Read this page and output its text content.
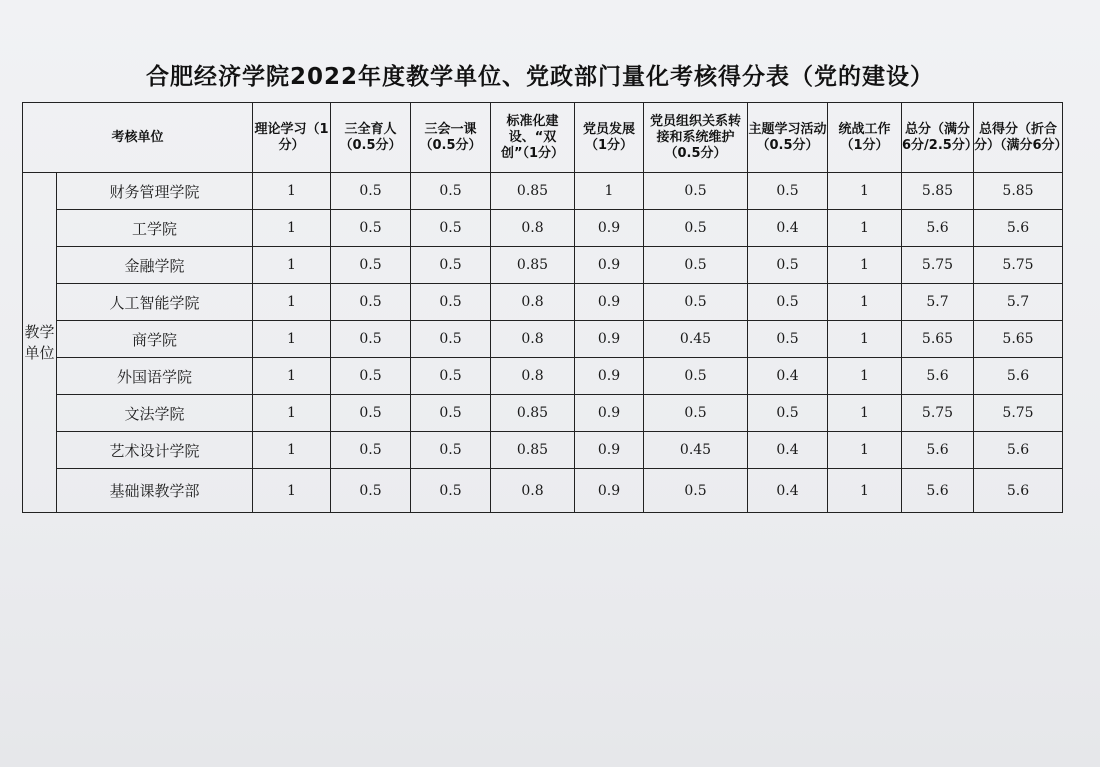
合肥经济学院2022年度教学单位、党政部门量化考核得分表（党的建设）
考核单位		理论学习（1分）	三全育人（0.5分）	三会一课（0.5分）	标准化建设、“双创”（1分）	党员发展（1分）	党员组织关系转接和系统维护（0.5分）	主题学习活动（0.5分）	统战工作（1分）	总分（满分6分/2.5分）	总得分（折合分）（满分6分）
教学单位	财务管理学院	1	0.5	0.5	0.85	1	0.5	0.5	1	5.85	5.85
	工学院	1	0.5	0.5	0.8	0.9	0.5	0.4	1	5.6	5.6
	金融学院	1	0.5	0.5	0.85	0.9	0.5	0.5	1	5.75	5.75
	人工智能学院	1	0.5	0.5	0.8	0.9	0.5	0.5	1	5.7	5.7
	商学院	1	0.5	0.5	0.8	0.9	0.45	0.5	1	5.65	5.65
	外国语学院	1	0.5	0.5	0.8	0.9	0.5	0.4	1	5.6	5.6
	文法学院	1	0.5	0.5	0.85	0.9	0.5	0.5	1	5.75	5.75
	艺术设计学院	1	0.5	0.5	0.85	0.9	0.45	0.4	1	5.6	5.6
	基础课教学部	1	0.5	0.5	0.8	0.9	0.5	0.4	1	5.6	5.6
